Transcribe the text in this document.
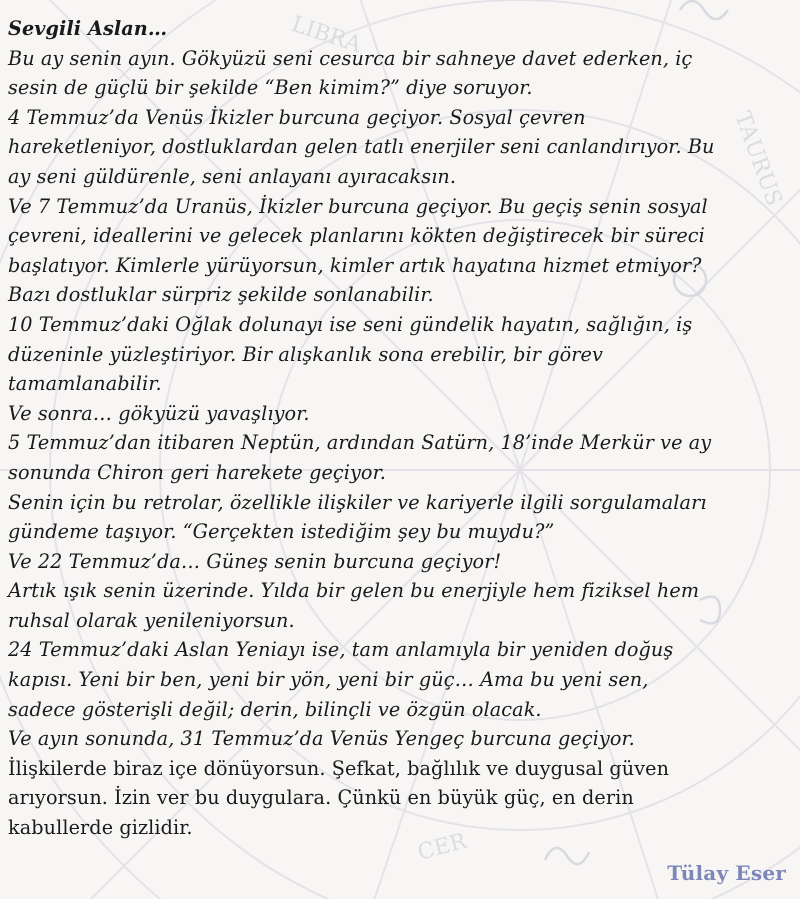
LIBRA
TAURUS
CER
Sevgili Aslan…
Bu ay senin ayın. Gökyüzü seni cesurca bir sahneye davet ederken, iç
sesin de güçlü bir şekilde “Ben kimim?” diye soruyor.
4 Temmuz’da Venüs İkizler burcuna geçiyor. Sosyal çevren
hareketleniyor, dostluklardan gelen tatlı enerjiler seni canlandırıyor. Bu
ay seni güldürenle, seni anlayanı ayıracaksın.
Ve 7 Temmuz’da Uranüs, İkizler burcuna geçiyor. Bu geçiş senin sosyal
çevreni, ideallerini ve gelecek planlarını kökten değiştirecek bir süreci
başlatıyor. Kimlerle yürüyorsun, kimler artık hayatına hizmet etmiyor?
Bazı dostluklar sürpriz şekilde sonlanabilir.
10 Temmuz’daki Oğlak dolunayı ise seni gündelik hayatın, sağlığın, iş
düzeninle yüzleştiriyor. Bir alışkanlık sona erebilir, bir görev
tamamlanabilir.
Ve sonra… gökyüzü yavaşlıyor.
5 Temmuz’dan itibaren Neptün, ardından Satürn, 18’inde Merkür ve ay
sonunda Chiron geri harekete geçiyor.
Senin için bu retrolar, özellikle ilişkiler ve kariyerle ilgili sorgulamaları
gündeme taşıyor. “Gerçekten istediğim şey bu muydu?”
Ve 22 Temmuz’da… Güneş senin burcuna geçiyor!
Artık ışık senin üzerinde. Yılda bir gelen bu enerjiyle hem fiziksel hem
ruhsal olarak yenileniyorsun.
24 Temmuz’daki Aslan Yeniayı ise, tam anlamıyla bir yeniden doğuş
kapısı. Yeni bir ben, yeni bir yön, yeni bir güç… Ama bu yeni sen,
sadece gösterişli değil; derin, bilinçli ve özgün olacak.
Ve ayın sonunda, 31 Temmuz’da Venüs Yengeç burcuna geçiyor.
İlişkilerde biraz içe dönüyorsun. Şefkat, bağlılık ve duygusal güven
arıyorsun. İzin ver bu duygulara. Çünkü en büyük güç, en derin
kabullerde gizlidir.
Tülay Eser
